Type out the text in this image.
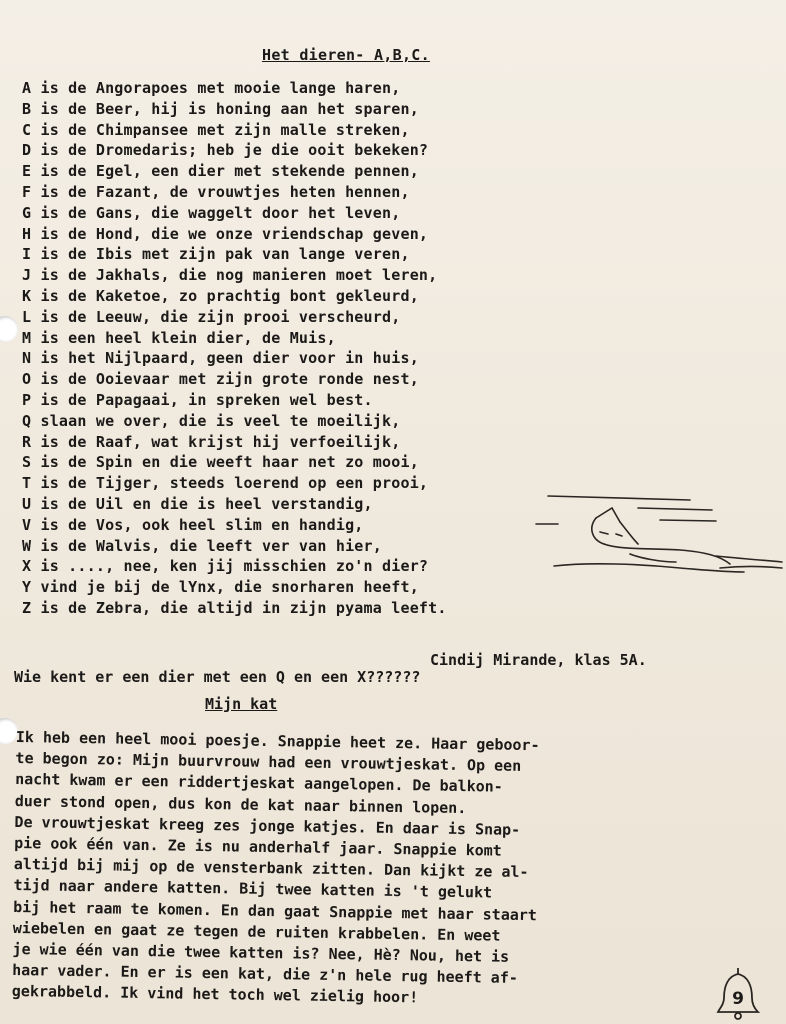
Het dieren- A,B,C.
A is de Angorapoes met mooie lange haren,
B is de Beer, hij is honing aan het sparen,
C is de Chimpansee met zijn malle streken,
D is de Dromedaris; heb je die ooit bekeken?
E is de Egel, een dier met stekende pennen,
F is de Fazant, de vrouwtjes heten hennen,
G is de Gans, die waggelt door het leven,
H is de Hond, die we onze vriendschap geven,
I is de Ibis met zijn pak van lange veren,
J is de Jakhals, die nog manieren moet leren,
K is de Kaketoe, zo prachtig bont gekleurd,
L is de Leeuw, die zijn prooi verscheurd,
M is een heel klein dier, de Muis,
N is het Nijlpaard, geen dier voor in huis,
O is de Ooievaar met zijn grote ronde nest,
P is de Papagaai, in spreken wel best.
Q slaan we over, die is veel te moeilijk,
R is de Raaf, wat krijst hij verfoeilijk,
S is de Spin en die weeft haar net zo mooi,
T is de Tijger, steeds loerend op een prooi,
U is de Uil en die is heel verstandig,
V is de Vos, ook heel slim en handig,
W is de Walvis, die leeft ver van hier,
X is ...., nee, ken jij misschien zo'n dier?
Y vind je bij de lYnx, die snorharen heeft,
Z is de Zebra, die altijd in zijn pyama leeft.
Cindij Mirande, klas 5A.
Wie kent er een dier met een Q en een X??????
Mijn kat
Ik heb een heel mooi poesje. Snappie heet ze. Haar geboor-
te begon zo: Mijn buurvrouw had een vrouwtjeskat. Op een
nacht kwam er een riddertjeskat aangelopen. De balkon-
duer stond open, dus kon de kat naar binnen lopen.
De vrouwtjeskat kreeg zes jonge katjes. En daar is Snap-
pie ook één van. Ze is nu anderhalf jaar. Snappie komt
altijd bij mij op de vensterbank zitten. Dan kijkt ze al-
tijd naar andere katten. Bij twee katten is 't gelukt
bij het raam te komen. En dan gaat Snappie met haar staart
wiebelen en gaat ze tegen de ruiten krabbelen. En weet
je wie één van die twee katten is? Nee, Hè? Nou, het is
haar vader. En er is een kat, die z'n hele rug heeft af-
gekrabbeld. Ik vind het toch wel zielig hoor!	9
